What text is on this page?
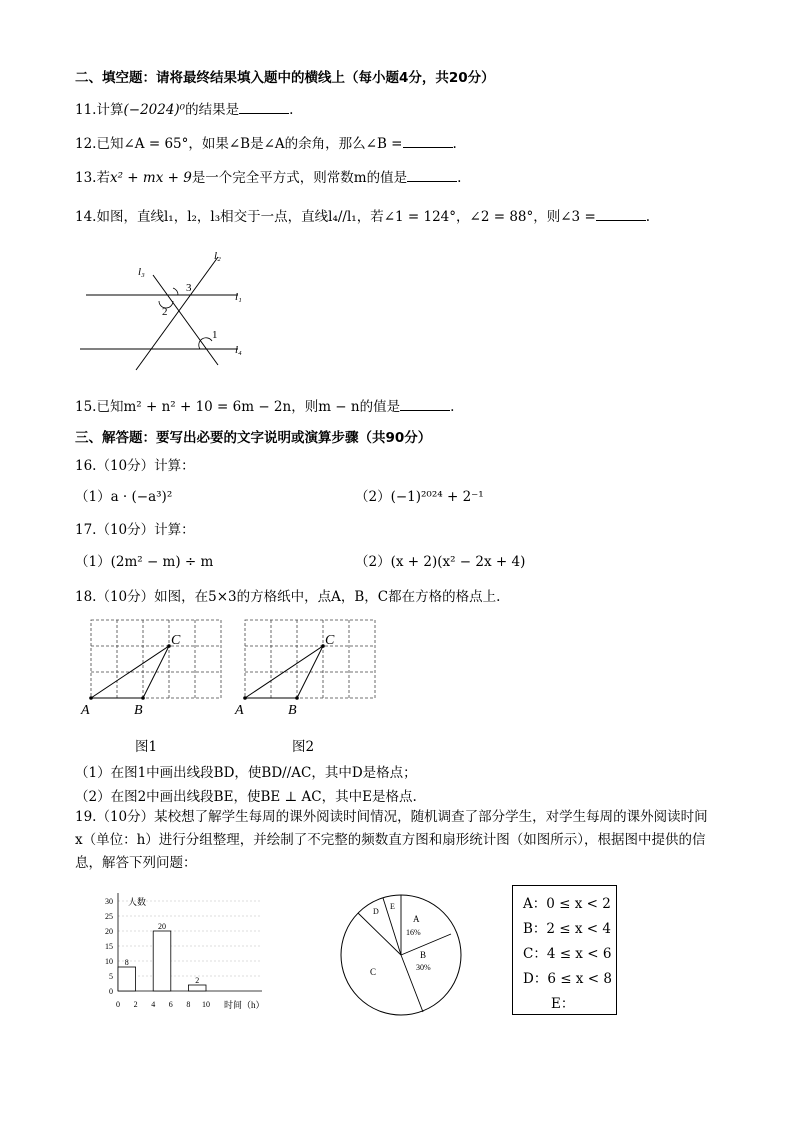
二、填空题：请将最终结果填入题中的横线上（每小题4分，共20分）
11.计算(−2024)⁰的结果是	.
12.已知∠A = 65°，如果∠B是∠A的余角，那么∠B =	.
13.若x² + mx + 9是一个完全平方式，则常数m的值是	.
14.如图，直线l₁，l₂，l₃相交于一点，直线l₄//l₁，若∠1 = 124°，∠2 = 88°，则∠3 =	.
l₃
l₂
3
l₁
2
1
l₄
15.已知m² + n² + 10 = 6m − 2n，则m − n的值是	.
三、解答题：要写出必要的文字说明或演算步骤（共90分）
16.（10分）计算：
（1）a · (−a³)²	（2）(−1)²⁰²⁴ + 2⁻¹
17.（10分）计算：
（1）(2m² − m) ÷ m	（2）(x + 2)(x² − 2x + 4)
18.（10分）如图，在5×3的方格纸中，点A，B，C都在方格的格点上.
A	B
C
图1
A	B
C
图2
（1）在图1中画出线段BD，使BD//AC，其中D是格点；
（2）在图2中画出线段BE，使BE ⊥ AC，其中E是格点.
19.（10分）某校想了解学生每周的课外阅读时间情况，随机调查了部分学生，对学生每周的课外阅读时间x（单位：h）进行分组整理，并绘制了不完整的频数直方图和扇形统计图（如图所示），根据图中提供的信息，解答下列问题：
0
5
10
15
20
25
30
0 2 4 6 8 10
8
20
2
人数
时间（h）
A
16%
B
30%
C
D
E	A：0 ≤ x < 2
B：2 ≤ x < 4
C：4 ≤ x < 6
D：6 ≤ x < 8
E：
